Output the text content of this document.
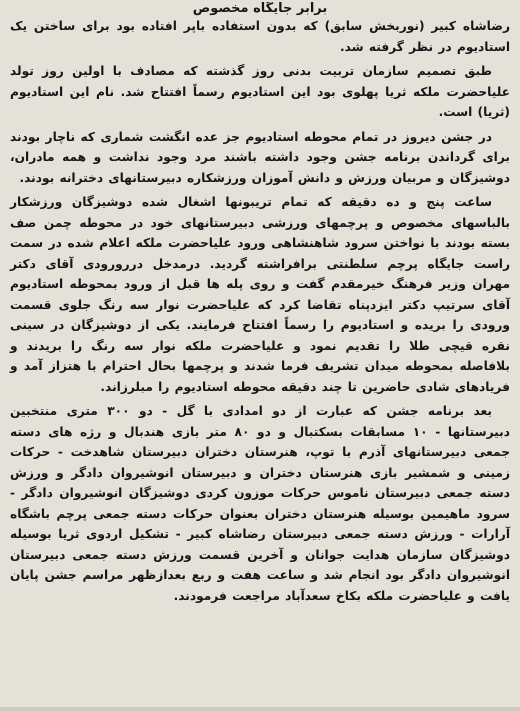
برابر جایگاه مخصوص

رضاشاه کبیر (نوربخش سابق) که بدون استفاده باپر افتاده بود برای ساختن یک استادیوم در نظر گرفته شد.

طبق تصمیم سازمان تربیت بدنی روز گذشته که مصادف با اولین روز تولد علیاحضرت ملکه ثریا پهلوی بود این استادیوم رسماً افتتاح شد. نام این استادیوم (ثریا) است.

در جشن دیروز در تمام محوطه استادیوم جز عده انگشت شماری که ناچار بودند برای گرداندن برنامه جشن وجود داشته باشند مرد وجود نداشت و همه مادران، دوشیزگان و مربیان ورزش و دانش آموزان ورزشکاره دبیرستانهای دخترانه بودند.

ساعت پنج و ده دقیقه که تمام تریبونها اشغال شده دوشیزگان ورزشکار بالباسهای مخصوص و پرچمهای ورزشی دبیرستانهای خود در محوطه چمن صف بسته بودند با نواختن سرود شاهنشاهی ورود علیاحضرت ملکه اعلام شده در سمت راست جایگاه پرچم سلطنتی برافراشته گردید. درمدخل دررورودی آقای دکتر مهران وزیر فرهنگ خیرمقدم گفت و روی پله ها قبل از ورود بمحوطه استادیوم آقای سرتیپ دکتر ایزدپناه تقاضا کرد که علیاحضرت نوار سه رنگ جلوی قسمت ورودی را بریده و استادیوم را رسماً افتتاح فرمایند. یکی از دوشیزگان در سینی نقره قیچی طلا را تقدیم نمود و علیاحضرت ملکه نوار سه رنگ را بریدند و بلافاصله بمحوطه میدان تشریف فرما شدند و پرچمها بحال احترام با هتزاز آمد و فریادهای شادی حاضرین تا چند دقیقه محوطه استادیوم را مبلرزاند.

بعد برنامه جشن که عبارت از دو امدادی با گل - دو ۳۰۰ متری منتخبین دبیرستانها - ۱۰ مسابقات بسکتبال و دو ۸۰ متر بازی هندبال و رژه های دسته جمعی دبیرستانهای آذرم با توپ، هنرستان دختران دبیرستان شاهدخت - حرکات زمینی و شمشیر بازی هنرستان دختران و دبیرستان انوشیروان دادگر و ورزش دسته جمعی دبیرستان ناموس حرکات موزون کردی دوشیزگان انوشیروان دادگر - سرود ماهیمین بوسیله هنرستان دختران بعنوان حرکات دسته جمعی پرچم باشگاه آرارات - ورزش دسته جمعی دبیرستان رضاشاه کبیر - تشکیل اردوی ثریا بوسیله دوشیزگان سازمان هدایت جوانان و آخرین قسمت ورزش دسته جمعی دبیرستان انوشیروان دادگر بود انجام شد و ساعت هفت و ربع بعدازظهر مراسم جشن پایان یافت و علیاحضرت ملکه بکاخ سعدآباد مراجعت فرمودند.
